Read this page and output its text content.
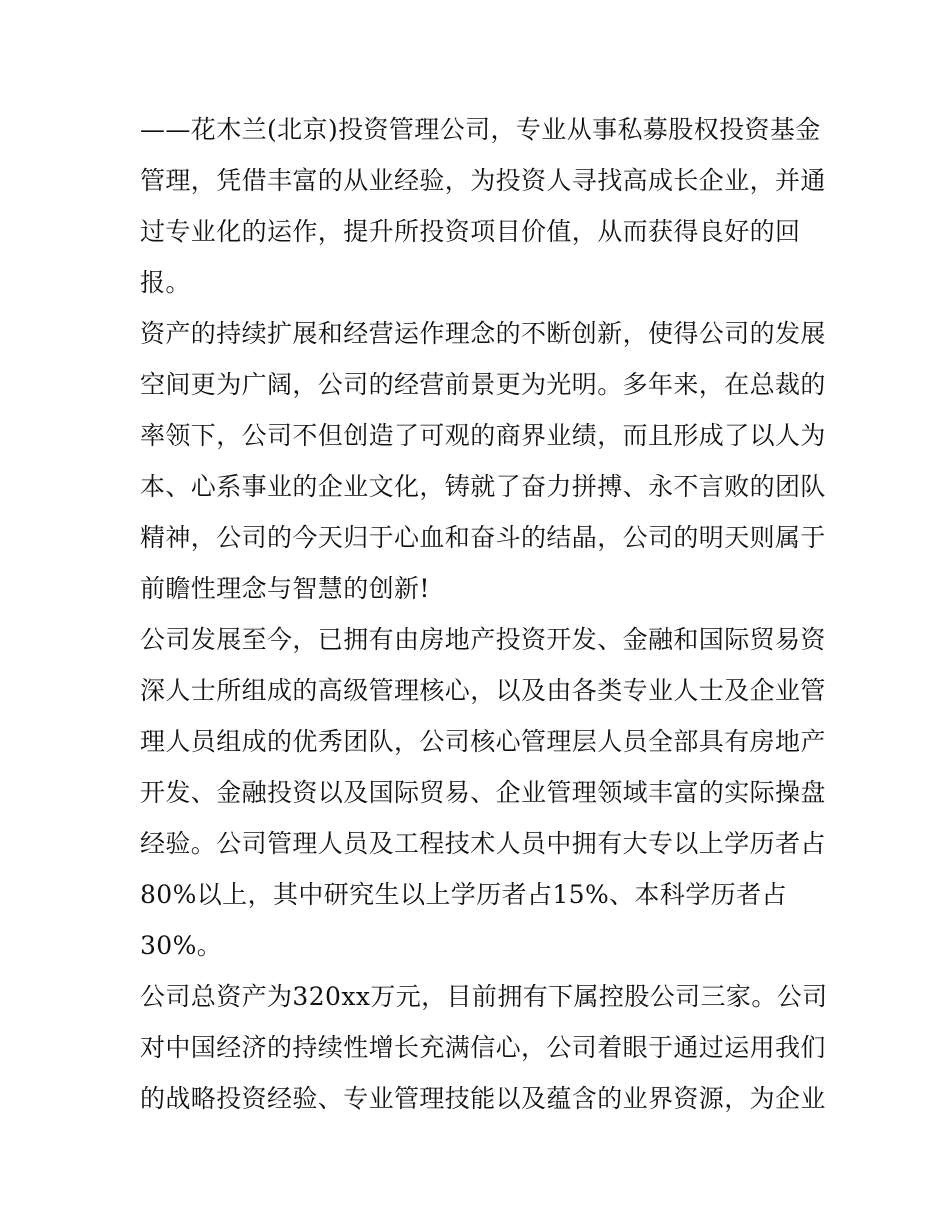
——花木兰(北京)投资管理公司，专业从事私募股权投资基金
管理，凭借丰富的从业经验，为投资人寻找高成长企业，并通
过专业化的运作，提升所投资项目价值，从而获得良好的回
报。
资产的持续扩展和经营运作理念的不断创新，使得公司的发展
空间更为广阔，公司的经营前景更为光明。多年来，在总裁的
率领下，公司不但创造了可观的商界业绩，而且形成了以人为
本、心系事业的企业文化，铸就了奋力拼搏、永不言败的团队
精神，公司的今天归于心血和奋斗的结晶，公司的明天则属于
前瞻性理念与智慧的创新!
公司发展至今，已拥有由房地产投资开发、金融和国际贸易资
深人士所组成的高级管理核心，以及由各类专业人士及企业管
理人员组成的优秀团队，公司核心管理层人员全部具有房地产
开发、金融投资以及国际贸易、企业管理领域丰富的实际操盘
经验。公司管理人员及工程技术人员中拥有大专以上学历者占
80%以上，其中研究生以上学历者占15%、本科学历者占
30%。
公司总资产为320xx万元，目前拥有下属控股公司三家。公司
对中国经济的持续性增长充满信心，公司着眼于通过运用我们
的战略投资经验、专业管理技能以及蕴含的业界资源，为企业
